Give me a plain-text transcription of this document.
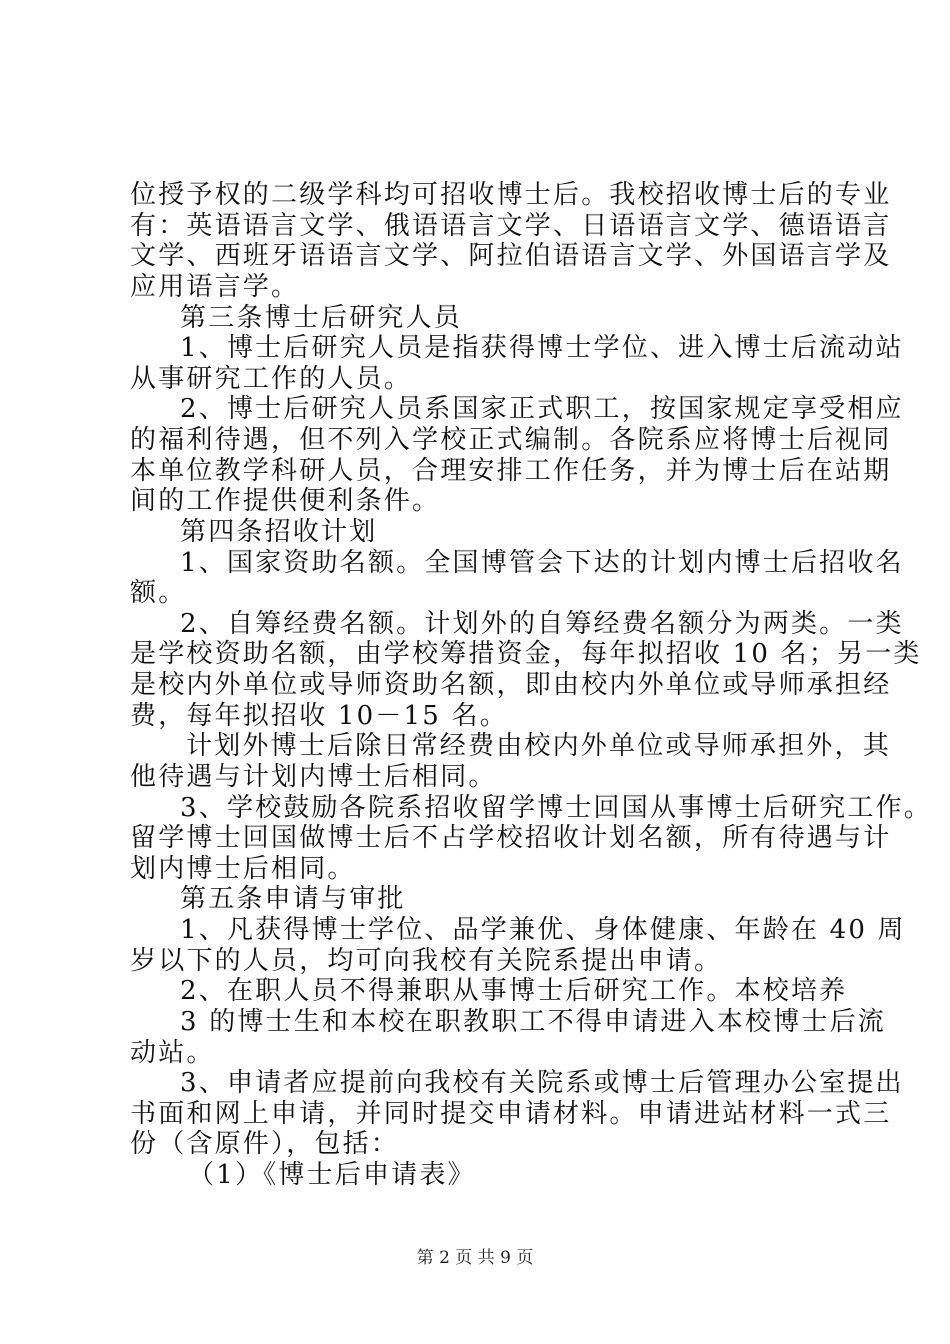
位授予权的二级学科均可招收博士后。我校招收博士后的专业
有：英语语言文学、俄语语言文学、日语语言文学、德语语言
文学、西班牙语语言文学、阿拉伯语语言文学、外国语言学及
应用语言学。
第三条博士后研究人员
1、博士后研究人员是指获得博士学位、进入博士后流动站
从事研究工作的人员。
2、博士后研究人员系国家正式职工，按国家规定享受相应
的福利待遇，但不列入学校正式编制。各院系应将博士后视同
本单位教学科研人员，合理安排工作任务，并为博士后在站期
间的工作提供便利条件。
第四条招收计划
1、国家资助名额。全国博管会下达的计划内博士后招收名
额。
2、自筹经费名额。计划外的自筹经费名额分为两类。一类
是学校资助名额，由学校筹措资金，每年拟招收 10 名；另一类
是校内外单位或导师资助名额，即由校内外单位或导师承担经
费，每年拟招收 10－15 名。
计划外博士后除日常经费由校内外单位或导师承担外，其
他待遇与计划内博士后相同。
3、学校鼓励各院系招收留学博士回国从事博士后研究工作。
留学博士回国做博士后不占学校招收计划名额，所有待遇与计
划内博士后相同。
第五条申请与审批
1、凡获得博士学位、品学兼优、身体健康、年龄在 40 周
岁以下的人员，均可向我校有关院系提出申请。
2、在职人员不得兼职从事博士后研究工作。本校培养
3 的博士生和本校在职教职工不得申请进入本校博士后流
动站。
3、申请者应提前向我校有关院系或博士后管理办公室提出
书面和网上申请，并同时提交申请材料。申请进站材料一式三
份（含原件），包括：
（1）《博士后申请表》
第 2 页 共 9 页
